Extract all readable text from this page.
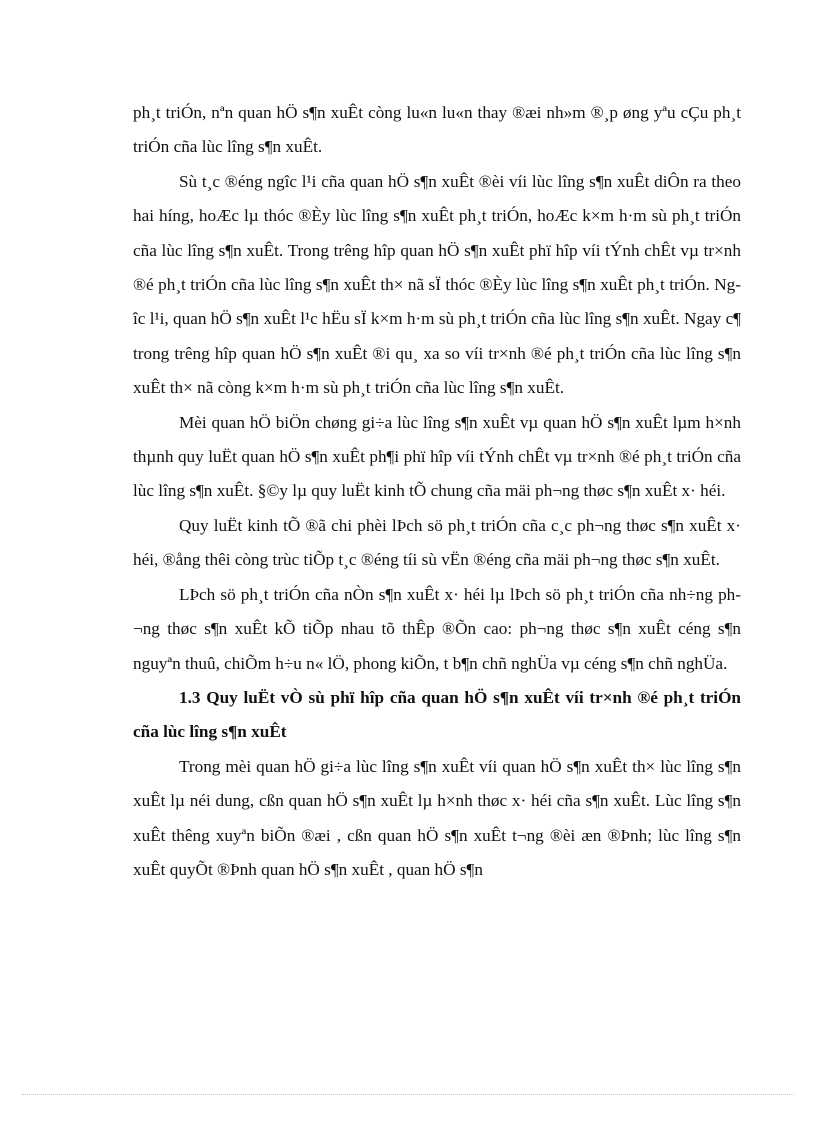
ph¸t triÓn, nªn quan hÖ s¶n xuÊt còng lu«n lu«n thay ®æi nh»m ®¸p øng yªu cÇu ph¸t triÓn cña lùc lîng s¶n xuÊt.

Sù t¸c ®éng ngîc l¹i cña quan hÖ s¶n xuÊt ®èi víi lùc lîng s¶n xuÊt diÔn ra theo hai híng, hoÆc lµ thóc ®Èy lùc lîng s¶n xuÊt ph¸t triÓn, hoÆc k×m h·m sù ph¸t triÓn cña lùc lîng s¶n xuÊt. Trong trêng hîp quan hÖ s¶n xuÊt phï hîp víi tÝnh chÊt vµ tr×nh ®é ph¸t triÓn cña lùc lîng s¶n xuÊt th× nã sÏ thóc ®Èy lùc lîng s¶n xuÊt ph¸t triÓn. Ngîc l¹i, quan hÖ s¶n xuÊt l¹c hËu sÏ k×m h·m sù ph¸t triÓn cña lùc lîng s¶n xuÊt. Ngay c¶ trong trêng hîp quan hÖ s¶n xuÊt ®i qu¸ xa so víi tr×nh ®é ph¸t triÓn cña lùc lîng s¶n xuÊt th× nã còng k×m h·m sù ph¸t triÓn cña lùc lîng s¶n xuÊt.

Mèi quan hÖ biÖn chøng gi÷a lùc lîng s¶n xuÊt vµ quan hÖ s¶n xuÊt lµm h×nh thµnh quy luËt quan hÖ s¶n xuÊt ph¶i phï hîp víi tÝnh chÊt vµ tr×nh ®é ph¸t triÓn cña lùc lîng s¶n xuÊt. §©y lµ quy luËt kinh tÕ chung cña mäi ph¬ng thøc s¶n xuÊt x· héi.

Quy luËt kinh tÕ ®ã chi phèi lÞch sö ph¸t triÓn cña c¸c ph¬ng thøc s¶n xuÊt x· héi, ®ång thêi còng trùc tiÕp t¸c ®éng tíi sù vËn ®éng cña mäi ph¬ng thøc s¶n xuÊt.

LÞch sö ph¸t triÓn cña nÒn s¶n xuÊt x· héi lµ lÞch sö ph¸t triÓn cña nh÷ng ph¬ng thøc s¶n xuÊt kÕ tiÕp nhau tõ thÊp ®Õn cao: ph¬ng thøc s¶n xuÊt céng s¶n nguyªn thuû, chiÕm h÷u n« lÖ, phong kiÕn, t b¶n chñ nghÜa vµ céng s¶n chñ nghÜa.

1.3 Quy luËt vÒ sù phï hîp cña quan hÖ s¶n xuÊt víi tr×nh ®é ph¸t triÓn cña lùc lîng s¶n xuÊt

Trong mèi quan hÖ gi÷a lùc lîng s¶n xuÊt víi quan hÖ s¶n xuÊt th× lùc lîng s¶n xuÊt lµ néi dung, cßn quan hÖ s¶n xuÊt lµ h×nh thøc x· héi cña s¶n xuÊt. Lùc lîng s¶n xuÊt thêng xuyªn biÕn ®æi , cßn quan hÖ s¶n xuÊt t¬ng ®èi æn ®Þnh; lùc lîng s¶n xuÊt quyÕt ®Þnh quan hÖ s¶n xuÊt , quan hÖ s¶n
